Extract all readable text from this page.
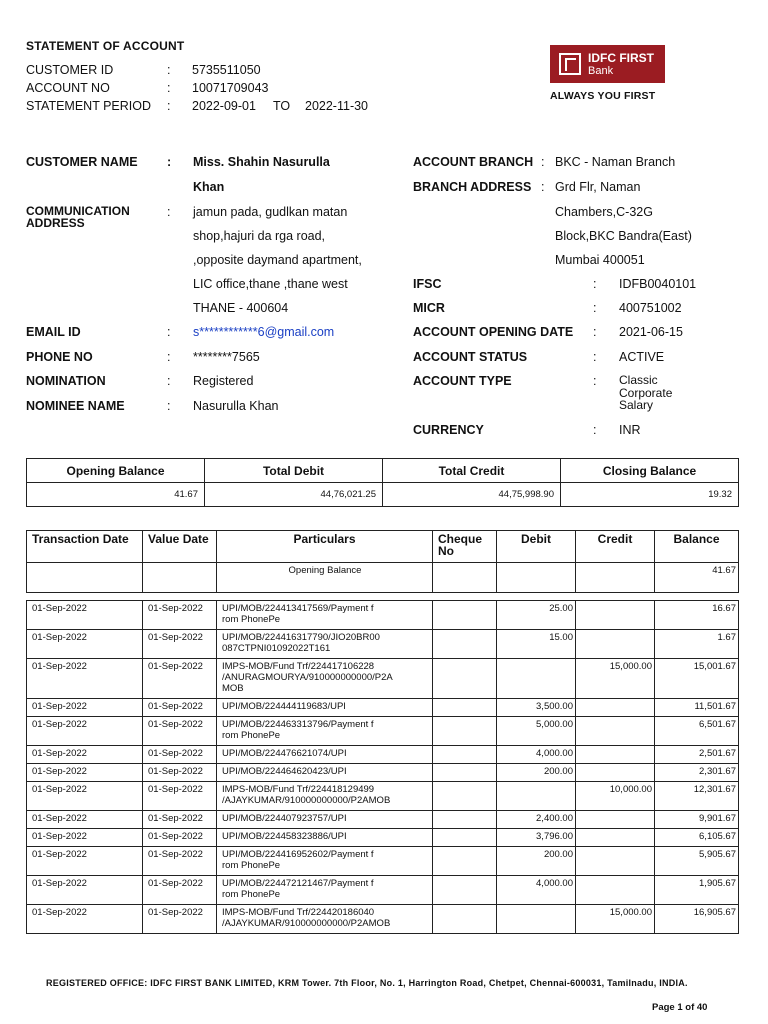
STATEMENT OF ACCOUNT
CUSTOMER ID	: 5735511050
ACCOUNT NO	: 10071709043
STATEMENT PERIOD : 2022-09-01 TO 2022-11-30
IDFC FIRST
Bank
ALWAYS YOU FIRST
CUSTOMER NAME : Miss. Shahin Nasurulla
Khan
COMMUNICATION
ADDRESS
: jamun pada, gudlkan matan
shop,hajuri da rga road,
,opposite daymand apartment,
LIC office,thane ,thane west
THANE - 400604
EMAIL ID	: s************6@gmail.com
PHONE NO	: ********7565
NOMINATION	: Registered
NOMINEE NAME	: Nasurulla Khan
ACCOUNT BRANCH : BKC - Naman Branch
BRANCH ADDRESS : Grd Flr, Naman
Chambers,C-32G
Block,BKC Bandra(East)
Mumbai 400051
IFSC	: IDFB0040101
MICR	: 400751002
ACCOUNT OPENING DATE : 2021-06-15
ACCOUNT STATUS	: ACTIVE
ACCOUNT TYPE	: Classic
Corporate
Salary
CURRENCY	: INR
Opening Balance	Total Debit	Total Credit	Closing Balance
41.67	44,76,021.25	44,75,998.90	19.32
Transaction Date	Value Date	Particulars	Cheque
No	Debit	Credit	Balance
		Opening Balance				41.67

01-Sep-2022	01-Sep-2022	UPI/MOB/224413417569/Payment f
rom PhonePe		25.00		16.67
01-Sep-2022	01-Sep-2022	UPI/MOB/224416317790/JIO20BR00
087CTPNI01092022T161		15.00		1.67
01-Sep-2022	01-Sep-2022	IMPS-MOB/Fund Trf/224417106228
/ANURAGMOURYA/910000000000/P2A
MOB			15,000.00	15,001.67
01-Sep-2022	01-Sep-2022	UPI/MOB/224444119683/UPI		3,500.00		11,501.67
01-Sep-2022	01-Sep-2022	UPI/MOB/224463313796/Payment f
rom PhonePe		5,000.00		6,501.67
01-Sep-2022	01-Sep-2022	UPI/MOB/224476621074/UPI		4,000.00		2,501.67
01-Sep-2022	01-Sep-2022	UPI/MOB/224464620423/UPI		200.00		2,301.67
01-Sep-2022	01-Sep-2022	IMPS-MOB/Fund Trf/224418129499
/AJAYKUMAR/910000000000/P2AMOB			10,000.00	12,301.67
01-Sep-2022	01-Sep-2022	UPI/MOB/224407923757/UPI		2,400.00		9,901.67
01-Sep-2022	01-Sep-2022	UPI/MOB/224458323886/UPI		3,796.00		6,105.67
01-Sep-2022	01-Sep-2022	UPI/MOB/224416952602/Payment f
rom PhonePe		200.00		5,905.67
01-Sep-2022	01-Sep-2022	UPI/MOB/224472121467/Payment f
rom PhonePe		4,000.00		1,905.67
01-Sep-2022	01-Sep-2022	IMPS-MOB/Fund Trf/224420186040
/AJAYKUMAR/910000000000/P2AMOB			15,000.00	16,905.67
REGISTERED OFFICE: IDFC FIRST BANK LIMITED, KRM Tower. 7th Floor, No. 1, Harrington Road, Chetpet, Chennai-600031, Tamilnadu, INDIA.
Page 1 of 40
